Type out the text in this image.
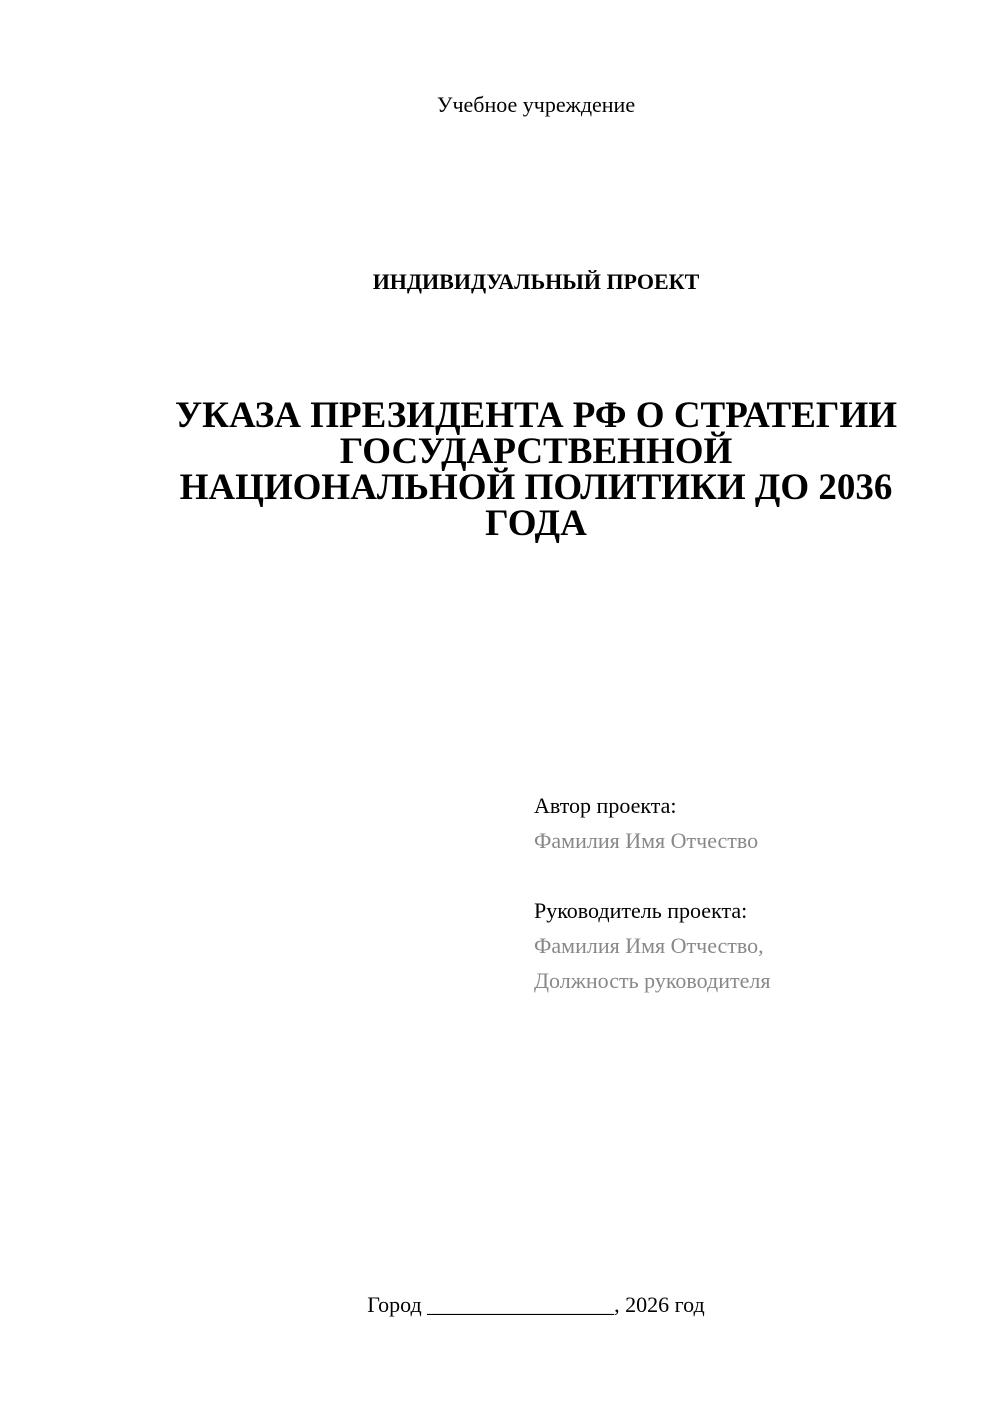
Учебное учреждение
ИНДИВИДУАЛЬНЫЙ ПРОЕКТ
УКАЗА ПРЕЗИДЕНТА РФ О СТРАТЕГИИ
ГОСУДАРСТВЕННОЙ
НАЦИОНАЛЬНОЙ ПОЛИТИКИ ДО 2036
ГОДА
Автор проекта:
Фамилия Имя Отчество
Руководитель проекта:
Фамилия Имя Отчество,
Должность руководителя
Город _________________, 2026 год
